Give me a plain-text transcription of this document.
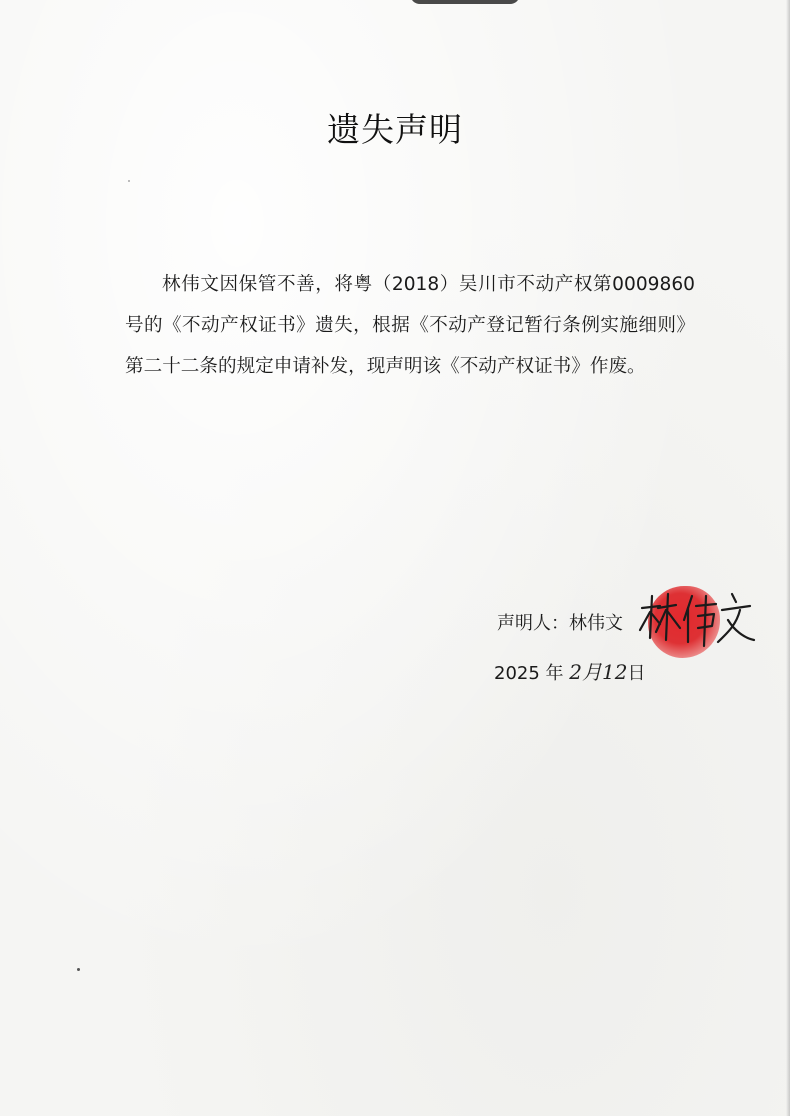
遗失声明

林伟文因保管不善，将粤（2018）吴川市不动产权第0009860号的《不动产权证书》遗失，根据《不动产登记暂行条例实施细则》第二十二条的规定申请补发，现声明该《不动产权证书》作废。

声明人：林伟文
2025 年 2月12日
